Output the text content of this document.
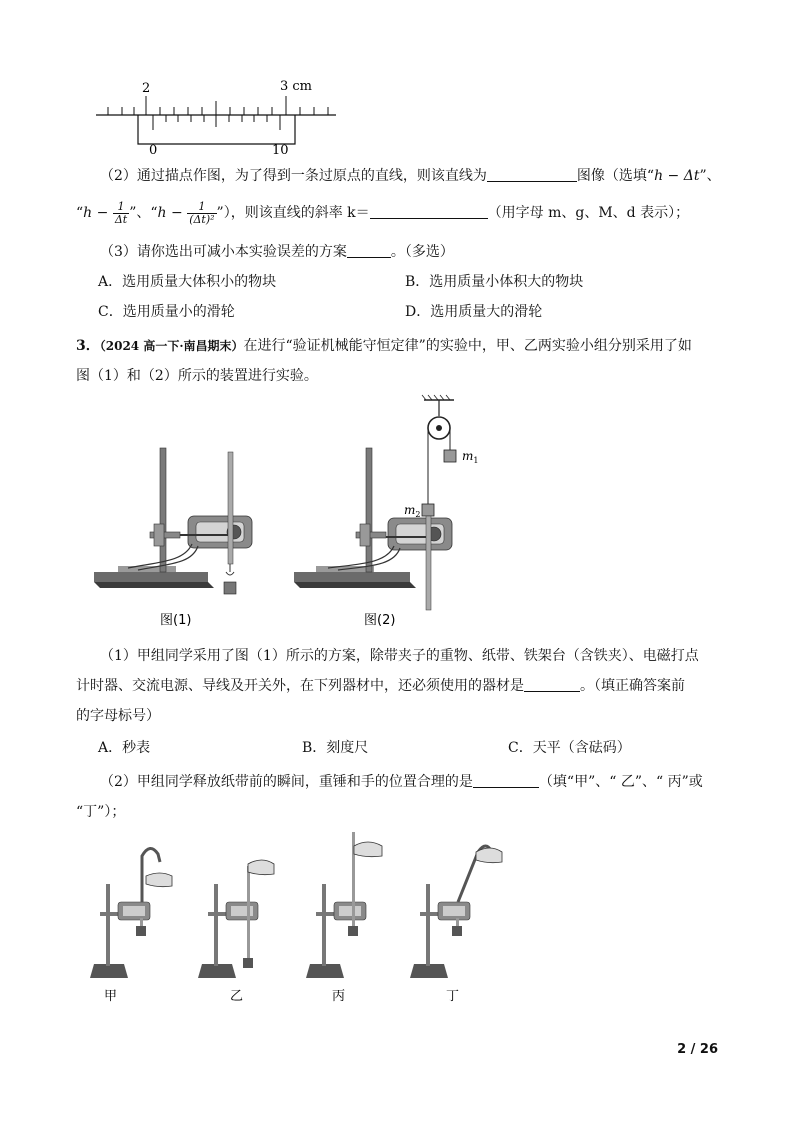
2	3 cm
0	10
（2）通过描点作图，为了得到一条过原点的直线，则该直线为	图像（选填“h − Δt”、
“$h - \frac{1}{\Delta t}$ ”、“$h - \frac{1}{\text{(Δt)²}}$ ”），则该直线的斜率 k＝	（用字母 m、g、M、d 表示）；
（3）请你选出可减小本实验误差的方案	。（多选）
A．选用质量大体积小的物块	B．选用质量小体积大的物块
C．选用质量小的滑轮	D．选用质量大的滑轮
3．（2024 高一下·南昌期末）在进行“验证机械能守恒定律”的实验中，甲、乙两实验小组分别采用了如
图（1）和（2）所示的装置进行实验。
图(1)
$m_1$
$m_2$
图(2)
（1）甲组同学采用了图（1）所示的方案，除带夹子的重物、纸带、铁架台（含铁夹）、电磁打点
计时器、交流电源、导线及开关外，在下列器材中，还必须使用的器材是	。（填正确答案前
的字母标号）
A．秒表	B．刻度尺	C．天平（含砝码）
（2）甲组同学释放纸带前的瞬间，重锤和手的位置合理的是	（填“甲”、“ 乙”、“ 丙”或
“丁”）；
甲	乙	丙	丁
2 / 26
